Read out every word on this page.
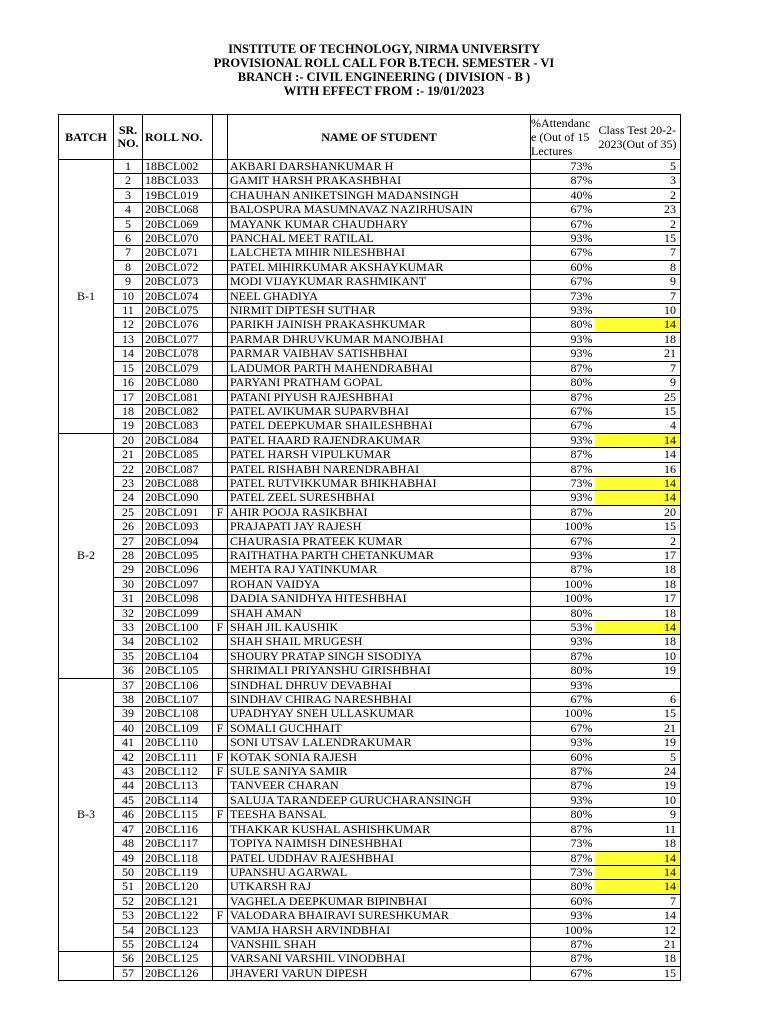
INSTITUTE OF TECHNOLOGY, NIRMA UNIVERSITY
PROVISIONAL ROLL CALL FOR B.TECH. SEMESTER - VI
BRANCH :- CIVIL ENGINEERING ( DIVISION - B )
WITH EFFECT FROM :- 19/01/2023
BATCH	SR. NO.	ROLL NO.		NAME OF STUDENT	%Attendance (Out of 15 Lectures	Class Test 20-2-2023(Out of 35)
B-1	1	18BCL002		AKBARI DARSHANKUMAR H	73%	5
	2	18BCL033		GAMIT HARSH PRAKASHBHAI	87%	3
	3	19BCL019		CHAUHAN ANIKETSINGH MADANSINGH	40%	2
	4	20BCL068		BALOSPURA MASUMNAVAZ NAZIRHUSAIN	67%	23
	5	20BCL069		MAYANK KUMAR CHAUDHARY	67%	2
	6	20BCL070		PANCHAL MEET RATILAL	93%	15
	7	20BCL071		LALCHETA MIHIR NILESHBHAI	67%	7
	8	20BCL072		PATEL MIHIRKUMAR AKSHAYKUMAR	60%	8
	9	20BCL073		MODI VIJAYKUMAR RASHMIKANT	67%	9
	10	20BCL074		NEEL GHADIYA	73%	7
	11	20BCL075		NIRMIT DIPTESH SUTHAR	93%	10
	12	20BCL076		PARIKH JAINISH PRAKASHKUMAR	80%	14
	13	20BCL077		PARMAR DHRUVKUMAR MANOJBHAI	93%	18
	14	20BCL078		PARMAR VAIBHAV SATISHBHAI	93%	21
	15	20BCL079		LADUMOR PARTH MAHENDRABHAI	87%	7
	16	20BCL080		PARYANI PRATHAM GOPAL	80%	9
	17	20BCL081		PATANI PIYUSH RAJESHBHAI	87%	25
	18	20BCL082		PATEL AVIKUMAR SUPARVBHAI	67%	15
	19	20BCL083		PATEL DEEPKUMAR SHAILESHBHAI	67%	4
B-2	20	20BCL084		PATEL HAARD RAJENDRAKUMAR	93%	14
	21	20BCL085		PATEL HARSH VIPULKUMAR	87%	14
	22	20BCL087		PATEL RISHABH NARENDRABHAI	87%	16
	23	20BCL088		PATEL RUTVIKKUMAR BHIKHABHAI	73%	14
	24	20BCL090		PATEL ZEEL SURESHBHAI	93%	14
	25	20BCL091	F	AHIR POOJA RASIKBHAI	87%	20
	26	20BCL093		PRAJAPATI JAY RAJESH	100%	15
	27	20BCL094		CHAURASIA PRATEEK KUMAR	67%	2
	28	20BCL095		RAITHATHA PARTH CHETANKUMAR	93%	17
	29	20BCL096		MEHTA RAJ YATINKUMAR	87%	18
	30	20BCL097		ROHAN VAIDYA	100%	18
	31	20BCL098		DADIA SANIDHYA HITESHBHAI	100%	17
	32	20BCL099		SHAH AMAN	80%	18
	33	20BCL100	F	SHAH JIL KAUSHIK	53%	14
	34	20BCL102		SHAH SHAIL MRUGESH	93%	18
	35	20BCL104		SHOURY PRATAP SINGH SISODIYA	87%	10
	36	20BCL105		SHRIMALI PRIYANSHU GIRISHBHAI	80%	19
B-3	37	20BCL106		SINDHAL DHRUV DEVABHAI	93%	
	38	20BCL107		SINDHAV CHIRAG NARESHBHAI	67%	6
	39	20BCL108		UPADHYAY SNEH ULLASKUMAR	100%	15
	40	20BCL109	F	SOMALI GUCHHAIT	67%	21
	41	20BCL110		SONI UTSAV LALENDRAKUMAR	93%	19
	42	20BCL111	F	KOTAK SONIA RAJESH	60%	5
	43	20BCL112	F	SULE SANIYA SAMIR	87%	24
	44	20BCL113		TANVEER CHARAN	87%	19
	45	20BCL114		SALUJA TARANDEEP GURUCHARANSINGH	93%	10
	46	20BCL115	F	TEESHA BANSAL	80%	9
	47	20BCL116		THAKKAR KUSHAL ASHISHKUMAR	87%	11
	48	20BCL117		TOPIYA NAIMISH DINESHBHAI	73%	18
	49	20BCL118		PATEL UDDHAV RAJESHBHAI	87%	14
	50	20BCL119		UPANSHU AGARWAL	73%	14
	51	20BCL120		UTKARSH RAJ	80%	14
	52	20BCL121		VAGHELA DEEPKUMAR BIPINBHAI	60%	7
	53	20BCL122	F	VALODARA BHAIRAVI SURESHKUMAR	93%	14
	54	20BCL123		VAMJA HARSH ARVINDBHAI	100%	12
	55	20BCL124		VANSHIL SHAH	87%	21
	56	20BCL125		VARSANI VARSHIL VINODBHAI	87%	18
	57	20BCL126		JHAVERI VARUN DIPESH	67%	15
